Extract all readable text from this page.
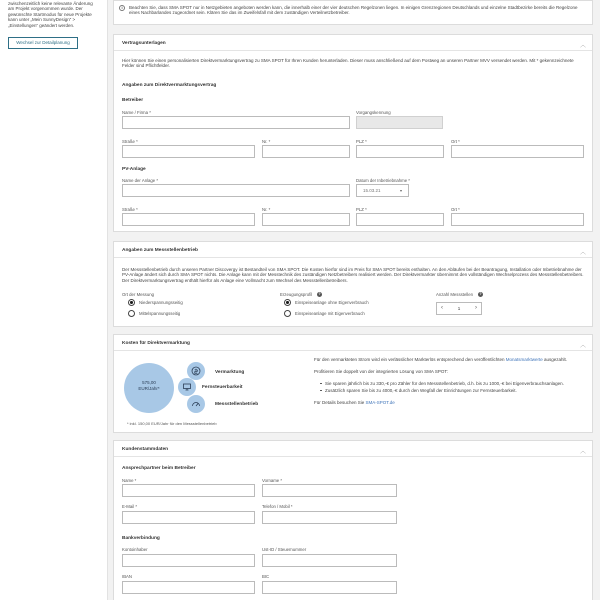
zwischenzeitlich keine relevante Änderung am Projekt vorgenommen wurde. Der gewünschte Startmodus für neue Projekte kann unter „Mein SunnyDesign“ > „Einstellungen“ geändert werden.
Wechsel zur Detailplanung
i	Beachten Sie, dass SMA SPOT nur in Netzgebieten angeboten werden kann, die innerhalb einer der vier deutschen Regelzonen liegen. In einigen Grenzregionen Deutschlands und einzelne Stadtbezirke bereits die Regelzone eines Nachbarlandes zugeordnet sein. Klären Sie das im Zweifelsfall mit dem zuständigen Verteilnetzbetreiber.
Vertragsunterlagen	︿
Hier können Sie einen personalisierten Direktvermarktungsvertrag zu SMA SPOT für Ihren Kunden herunterladen. Dieser muss anschließend auf dem Postweg an unseren Partner MVV versendet werden. Mit * gekennzeichnete Felder sind Pflichtfelder.
Angaben zum Direktvermarktungsvertrag
Betreiber
Name / Firma *	Vorgangskennung
Straße *	Nr. *	PLZ *	Ort *
PV-Anlage
Name der Anlage *	Datum der Inbetriebnahme *
15.03.21	▾
Straße *	Nr. *	PLZ *	Ort *
Angaben zum Messstellenbetrieb	︿
Der Messstellenbetrieb durch unseren Partner Discovergy ist Bestandteil von SMA SPOT. Die Kosten hierfür sind im Preis für SMA SPOT bereits enthalten. An den Abläufen bei der Beantragung, Installation oder Inbetriebnahme der PV-Anlage ändert sich durch SMA SPOT nichts. Die Anlage kann mit der Messtechnik des zuständigen Netzbetreibers realisiert werden. Der Direktvermarkter übernimmt den vollständigen Wechselprozess des Messstellenbetreibers. Der Direktvermarktungsvertrag enthält hierfür als Anlage eine Vollmacht zum Wechsel des Messstellenbetreibers.
Ort der Messung
Niederspannungsseitig
Mittelspannungsseitig
Erzeugungsprofil	?
Einspeiseanlage ohne Eigenverbrauch
Einspeiseanlage mit Eigenverbrauch
Anzahl Messstellen	?
‹	1	›
Kosten für Direktvermarktung	︿
575,00
EUR/Jahr*
Vermarktung
Fernsteuerbarkeit
Messstellenbetrieb
* inkl. 150,00 EUR/Jahr für den Messstellenbetrieb
Für den vermarkteten Strom wird ein verlässlicher Markterlös entsprechend den veröffentlichten Monatsmarktwerte ausgezahlt.
Profitieren Sie doppelt von der integrierten Lösung von SMA SPOT:
Sie sparen jährlich bis zu 330,-€ pro Zähler für den Messstellenbetrieb, d.h. bis zu 1000,-€ bei Eigenverbrauchsanlagen.
Zusätzlich sparen Sie bis zu 4000,-€ durch den Wegfall der Einrichtungen zur Fernsteuerbarkeit.
Für Details besuchen Sie SMA-SPOT.de
Kundenstammdaten	︿
Ansprechpartner beim Betreiber
Name *	Vorname *
E-Mail *	Telefon / Mobil *
Bankverbindung
Kontoinhaber	Ust-ID / Steuernummer
IBAN	BIC
